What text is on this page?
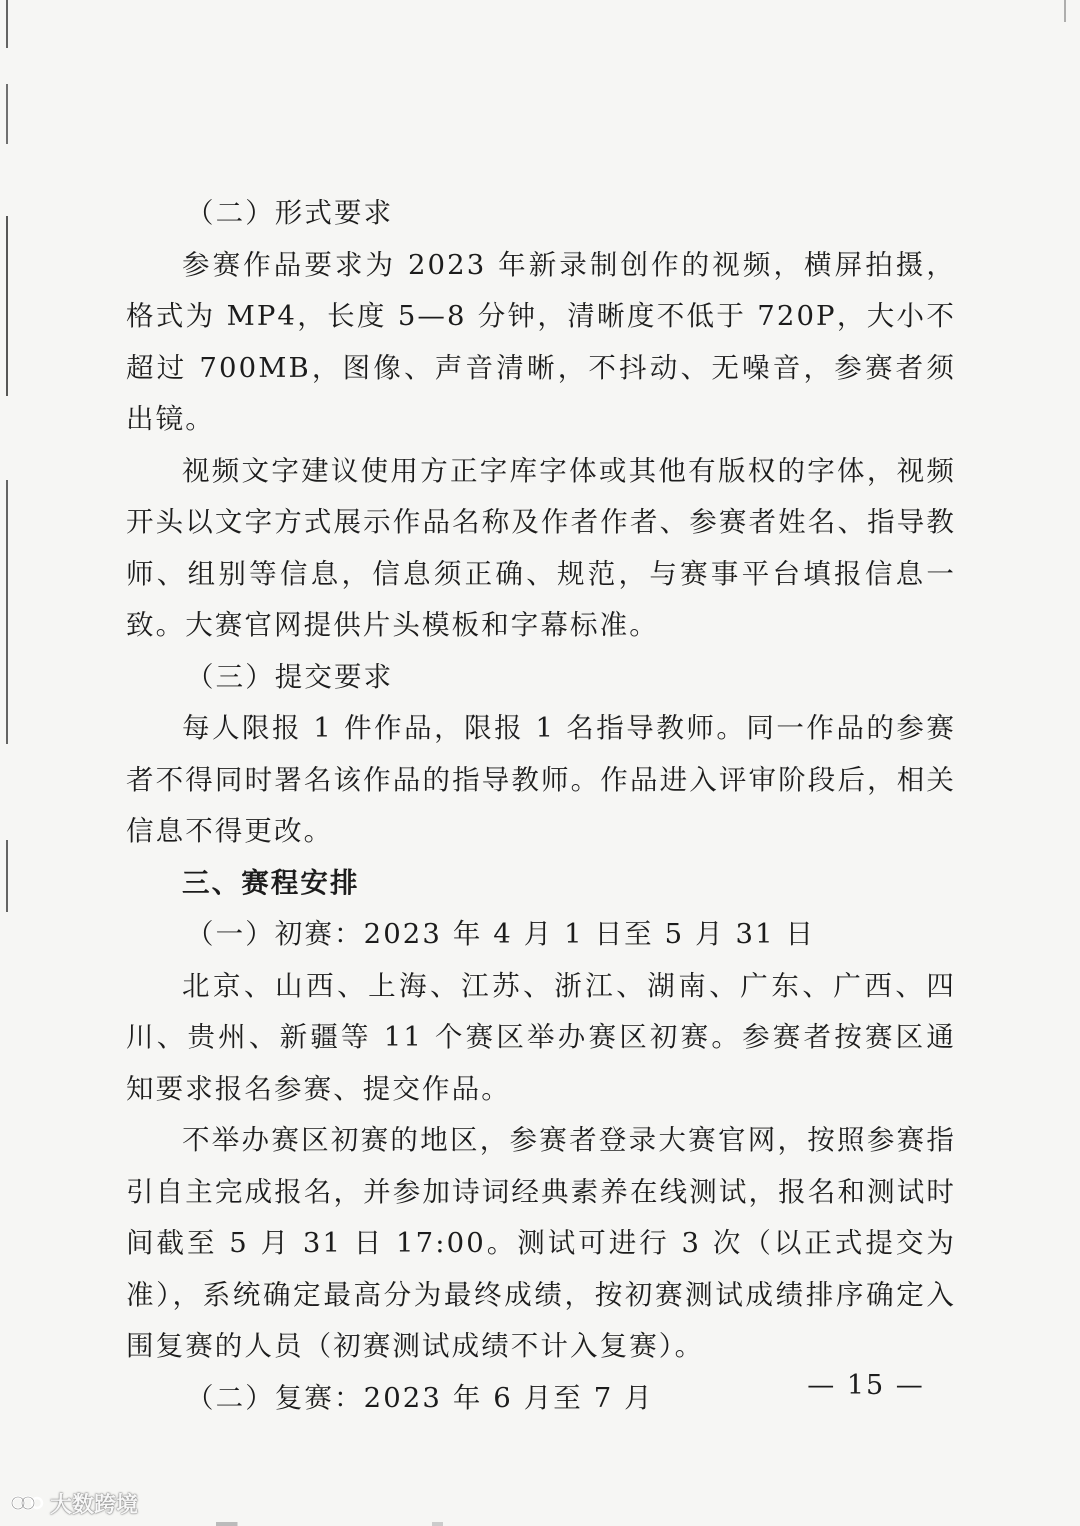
（二）形式要求

参赛作品要求为 2023 年新录制创作的视频，横屏拍摄，格式为 MP4，长度 5—8 分钟，清晰度不低于 720P，大小不超过 700MB，图像、声音清晰，不抖动、无噪音，参赛者须出镜。

视频文字建议使用方正字库字体或其他有版权的字体，视频开头以文字方式展示作品名称及作者作者、参赛者姓名、指导教师、组别等信息，信息须正确、规范，与赛事平台填报信息一致。大赛官网提供片头模板和字幕标准。

（三）提交要求

每人限报 1 件作品，限报 1 名指导教师。同一作品的参赛者不得同时署名该作品的指导教师。作品进入评审阶段后，相关信息不得更改。

三、赛程安排

（一）初赛：2023 年 4 月 1 日至 5 月 31 日

北京、山西、上海、江苏、浙江、湖南、广东、广西、四川、贵州、新疆等 11 个赛区举办赛区初赛。参赛者按赛区通知要求报名参赛、提交作品。

不举办赛区初赛的地区，参赛者登录大赛官网，按照参赛指引自主完成报名，并参加诗词经典素养在线测试，报名和测试时间截至 5 月 31 日 17:00。测试可进行 3 次（以正式提交为准），系统确定最高分为最终成绩，按初赛测试成绩排序确定入围复赛的人员（初赛测试成绩不计入复赛）。

（二）复赛：2023 年 6 月至 7 月	— 15 —
大数跨境
